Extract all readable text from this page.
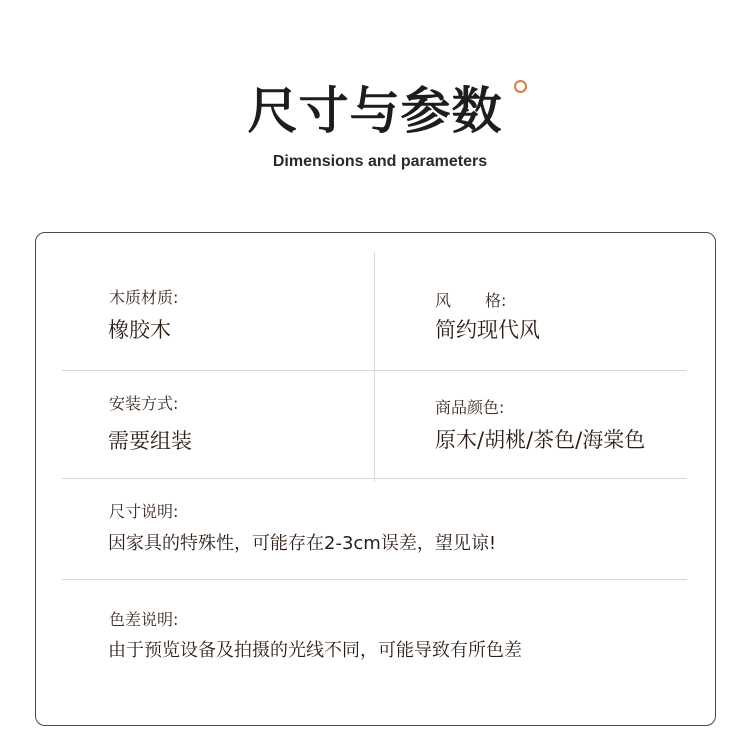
尺寸与参数
Dimensions and parameters
木质材质:
橡胶木
风 格:
简约现代风
安装方式:
需要组装
商品颜色:
原木/胡桃/茶色/海棠色
尺寸说明:
因家具的特殊性，可能存在2-3cm误差，望见谅!
色差说明:
由于预览设备及拍摄的光线不同，可能导致有所色差
